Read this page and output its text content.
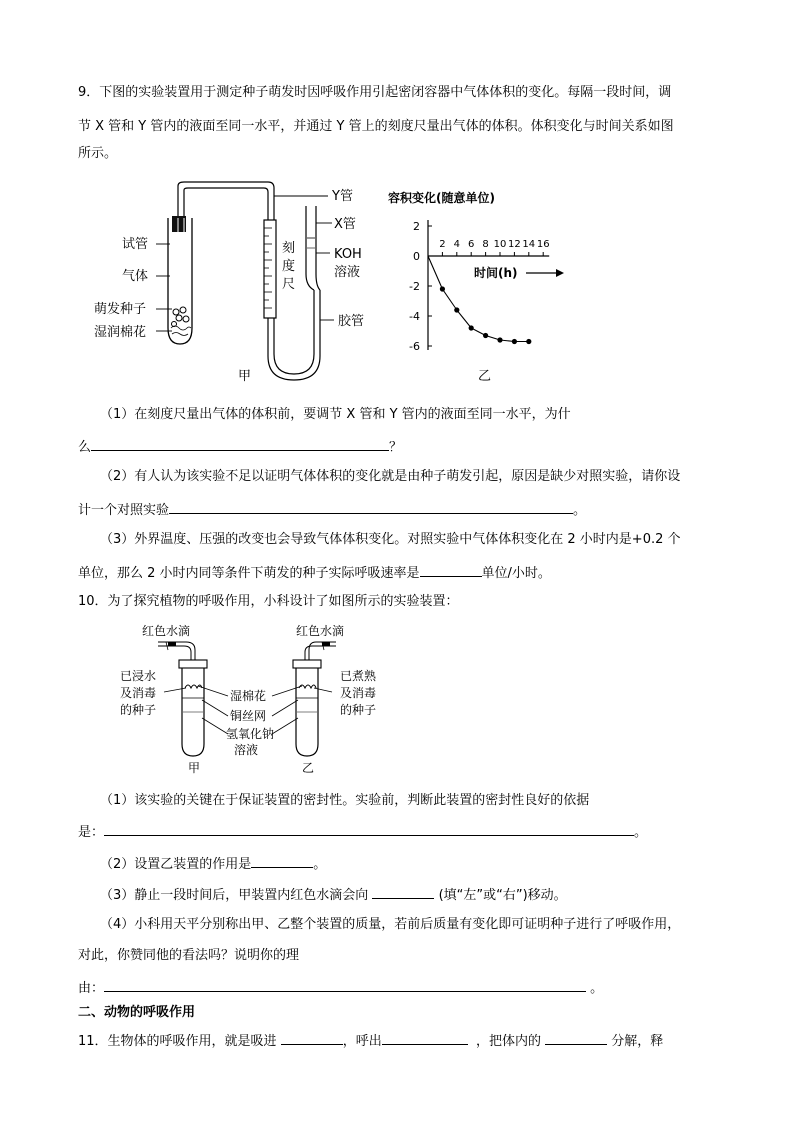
9．下图的实验装置用于测定种子萌发时因呼吸作用引起密闭容器中气体体积的变化。每隔一段时间，调
节 X 管和 Y 管内的液面至同一水平，并通过 Y 管上的刻度尺量出气体的体积。体积变化与时间关系如图
所示。
Y管
X管
KOH
溶液
胶管
刻
度
尺
试管
气体
萌发种子
湿润棉花
甲
容积变化(随意单位)
2
0
-2
-4
-6
2 4 6 8 10 12 14 16
时间(h)
乙
（1）在刻度尺量出气体的体积前，要调节 X 管和 Y 管内的液面至同一水平，为什
么	？
（2）有人认为该实验不足以证明气体体积的变化就是由种子萌发引起，原因是缺少对照实验，请你设
计一个对照实验	。
（3）外界温度、压强的改变也会导致气体体积变化。对照实验中气体体积变化在 2 小时内是+0.2 个
单位，那么 2 小时内同等条件下萌发的种子实际呼吸速率是	单位/小时。
10．为了探究植物的呼吸作用，小科设计了如图所示的实验装置：
红色水滴	红色水滴
已浸水
及消毒
的种子
已煮熟
及消毒
的种子
湿棉花
铜丝网
氢氧化钠
溶液
甲	乙
（1）该实验的关键在于保证装置的密封性。实验前，判断此装置的密封性良好的依据
是：	。
（2）设置乙装置的作用是	。
（3）静止一段时间后，甲装置内红色水滴会向	(填“左”或“右”)移动。
（4）小科用天平分别称出甲、乙整个装置的质量，若前后质量有变化即可证明种子进行了呼吸作用，
对此，你赞同他的看法吗？说明你的理
由：	。
二、动物的呼吸作用
11．生物体的呼吸作用，就是吸进	，呼出	，把体内的	分解，释
